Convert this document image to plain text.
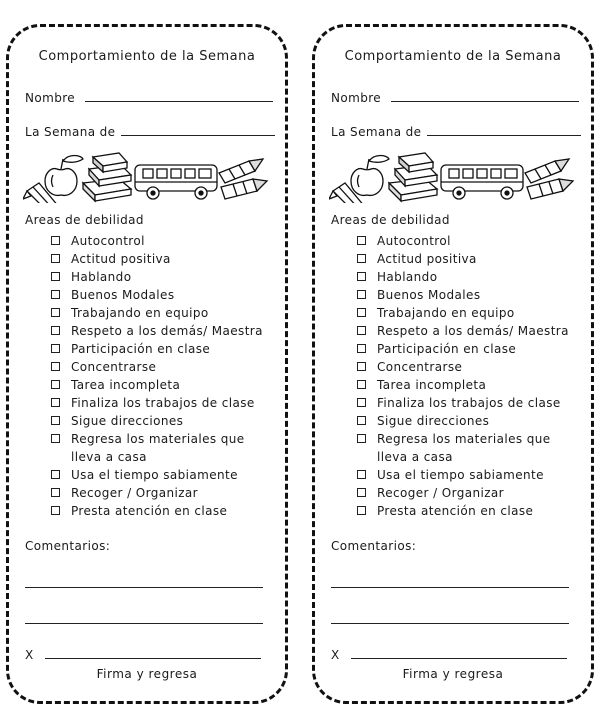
Comportamiento de la Semana
Nombre
La Semana de
Areas de debilidad
Autocontrol
Actitud positiva
Hablando
Buenos Modales
Trabajando en equipo
Respeto a los demás/ Maestra
Participación en clase
Concentrarse
Tarea incompleta
Finaliza los trabajos de clase
Sigue direcciones
Regresa los materiales que lleva a casa
Usa el tiempo sabiamente
Recoger / Organizar
Presta atención en clase
Comentarios:
X
Firma y regresa
Comportamiento de la Semana
Nombre
La Semana de
Areas de debilidad
Autocontrol
Actitud positiva
Hablando
Buenos Modales
Trabajando en equipo
Respeto a los demás/ Maestra
Participación en clase
Concentrarse
Tarea incompleta
Finaliza los trabajos de clase
Sigue direcciones
Regresa los materiales que lleva a casa
Usa el tiempo sabiamente
Recoger / Organizar
Presta atención en clase
Comentarios:
X
Firma y regresa
